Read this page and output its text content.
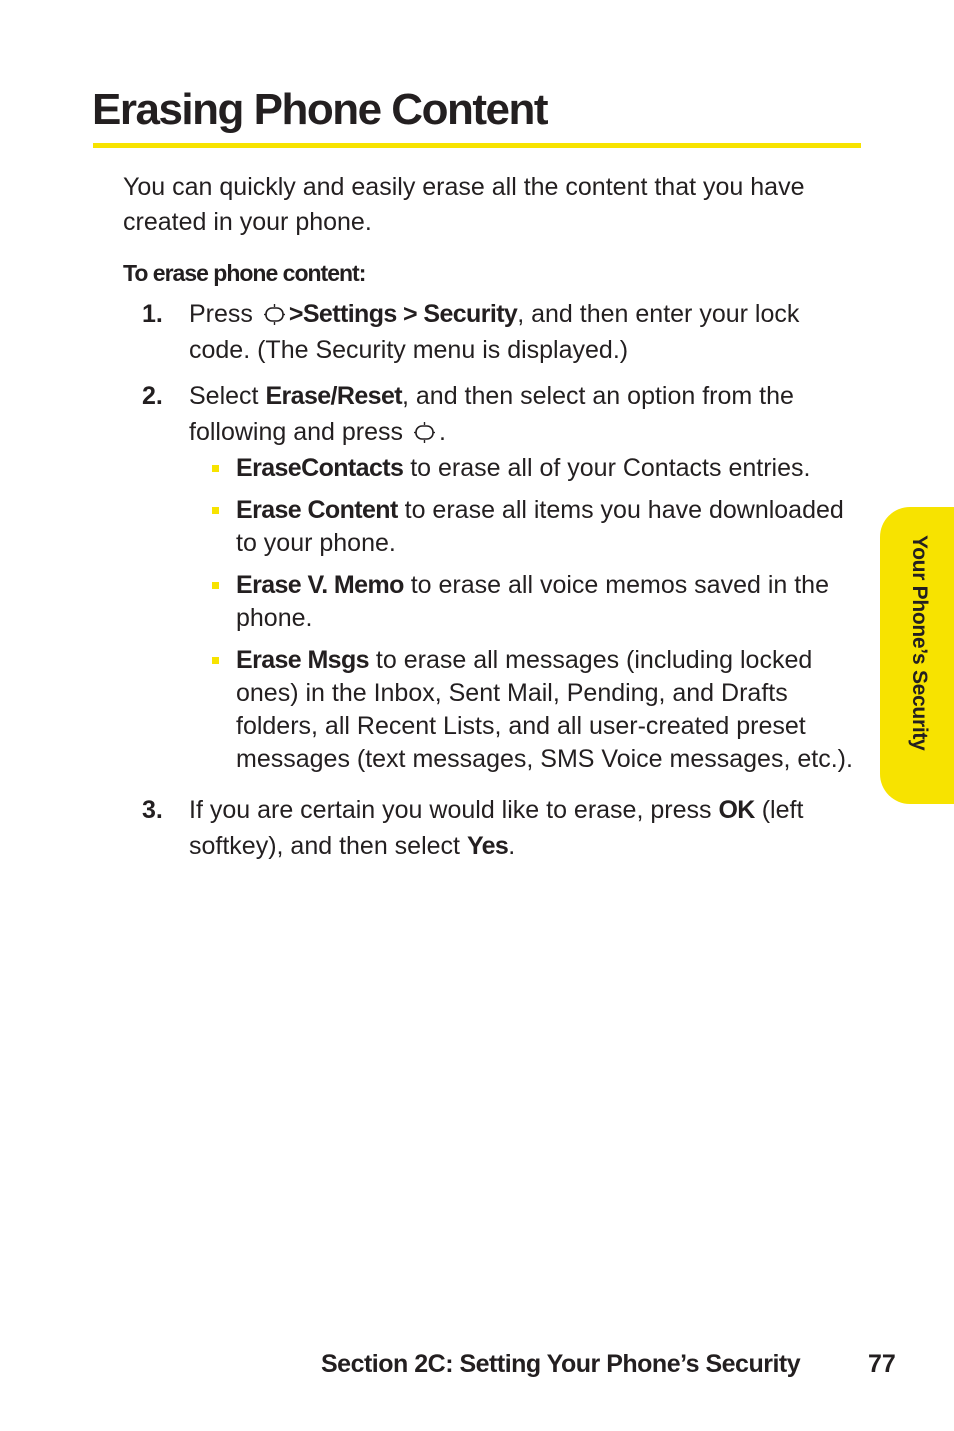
Erasing Phone Content

You can quickly and easily erase all the content that you have created in your phone.

To erase phone content:

1. Press >Settings > Security, and then enter your lock code. (The Security menu is displayed.)
2. Select Erase/Reset, and then select an option from the following and press .
EraseContacts to erase all of your Contacts entries.
Erase Content to erase all items you have downloaded to your phone.
Erase V. Memo to erase all voice memos saved in the phone.
Erase Msgs to erase all messages (including locked ones) in the Inbox, Sent Mail, Pending, and Drafts folders, all Recent Lists, and all user-created preset messages (text messages, SMS Voice messages, etc.).
3. If you are certain you would like to erase, press OK (left softkey), and then select Yes.
Your Phone’s Security
Section 2C: Setting Your Phone’s Security	77
